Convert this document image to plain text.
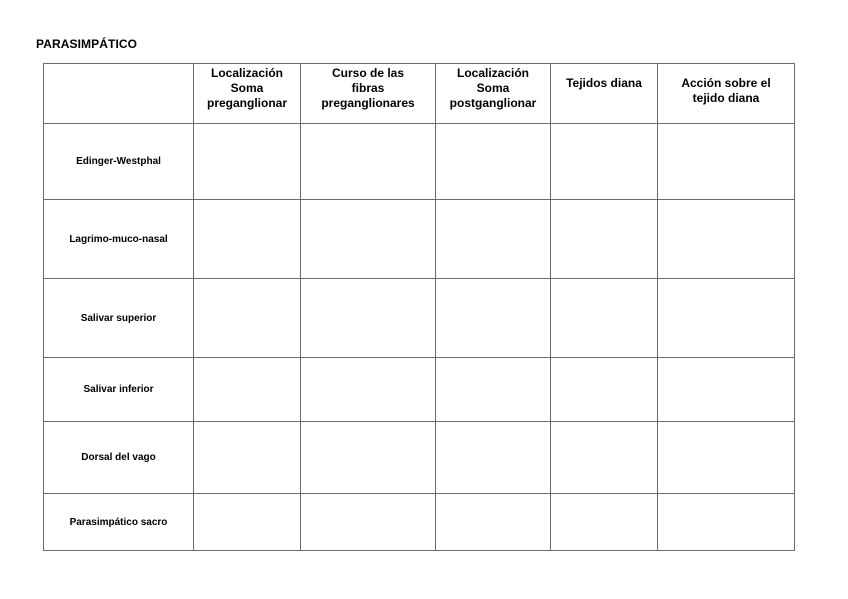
PARASIMPÁTICO

	Localización
Soma
preganglionar	Curso de las
fibras
preganglionares	Localización
Soma
postganglionar	Tejidos diana	Acción sobre el
tejido diana

Edinger-Westphal					
Lagrimo-muco-nasal					
Salivar superior					
Salivar inferior					
Dorsal del vago					
Parasimpático sacro					
